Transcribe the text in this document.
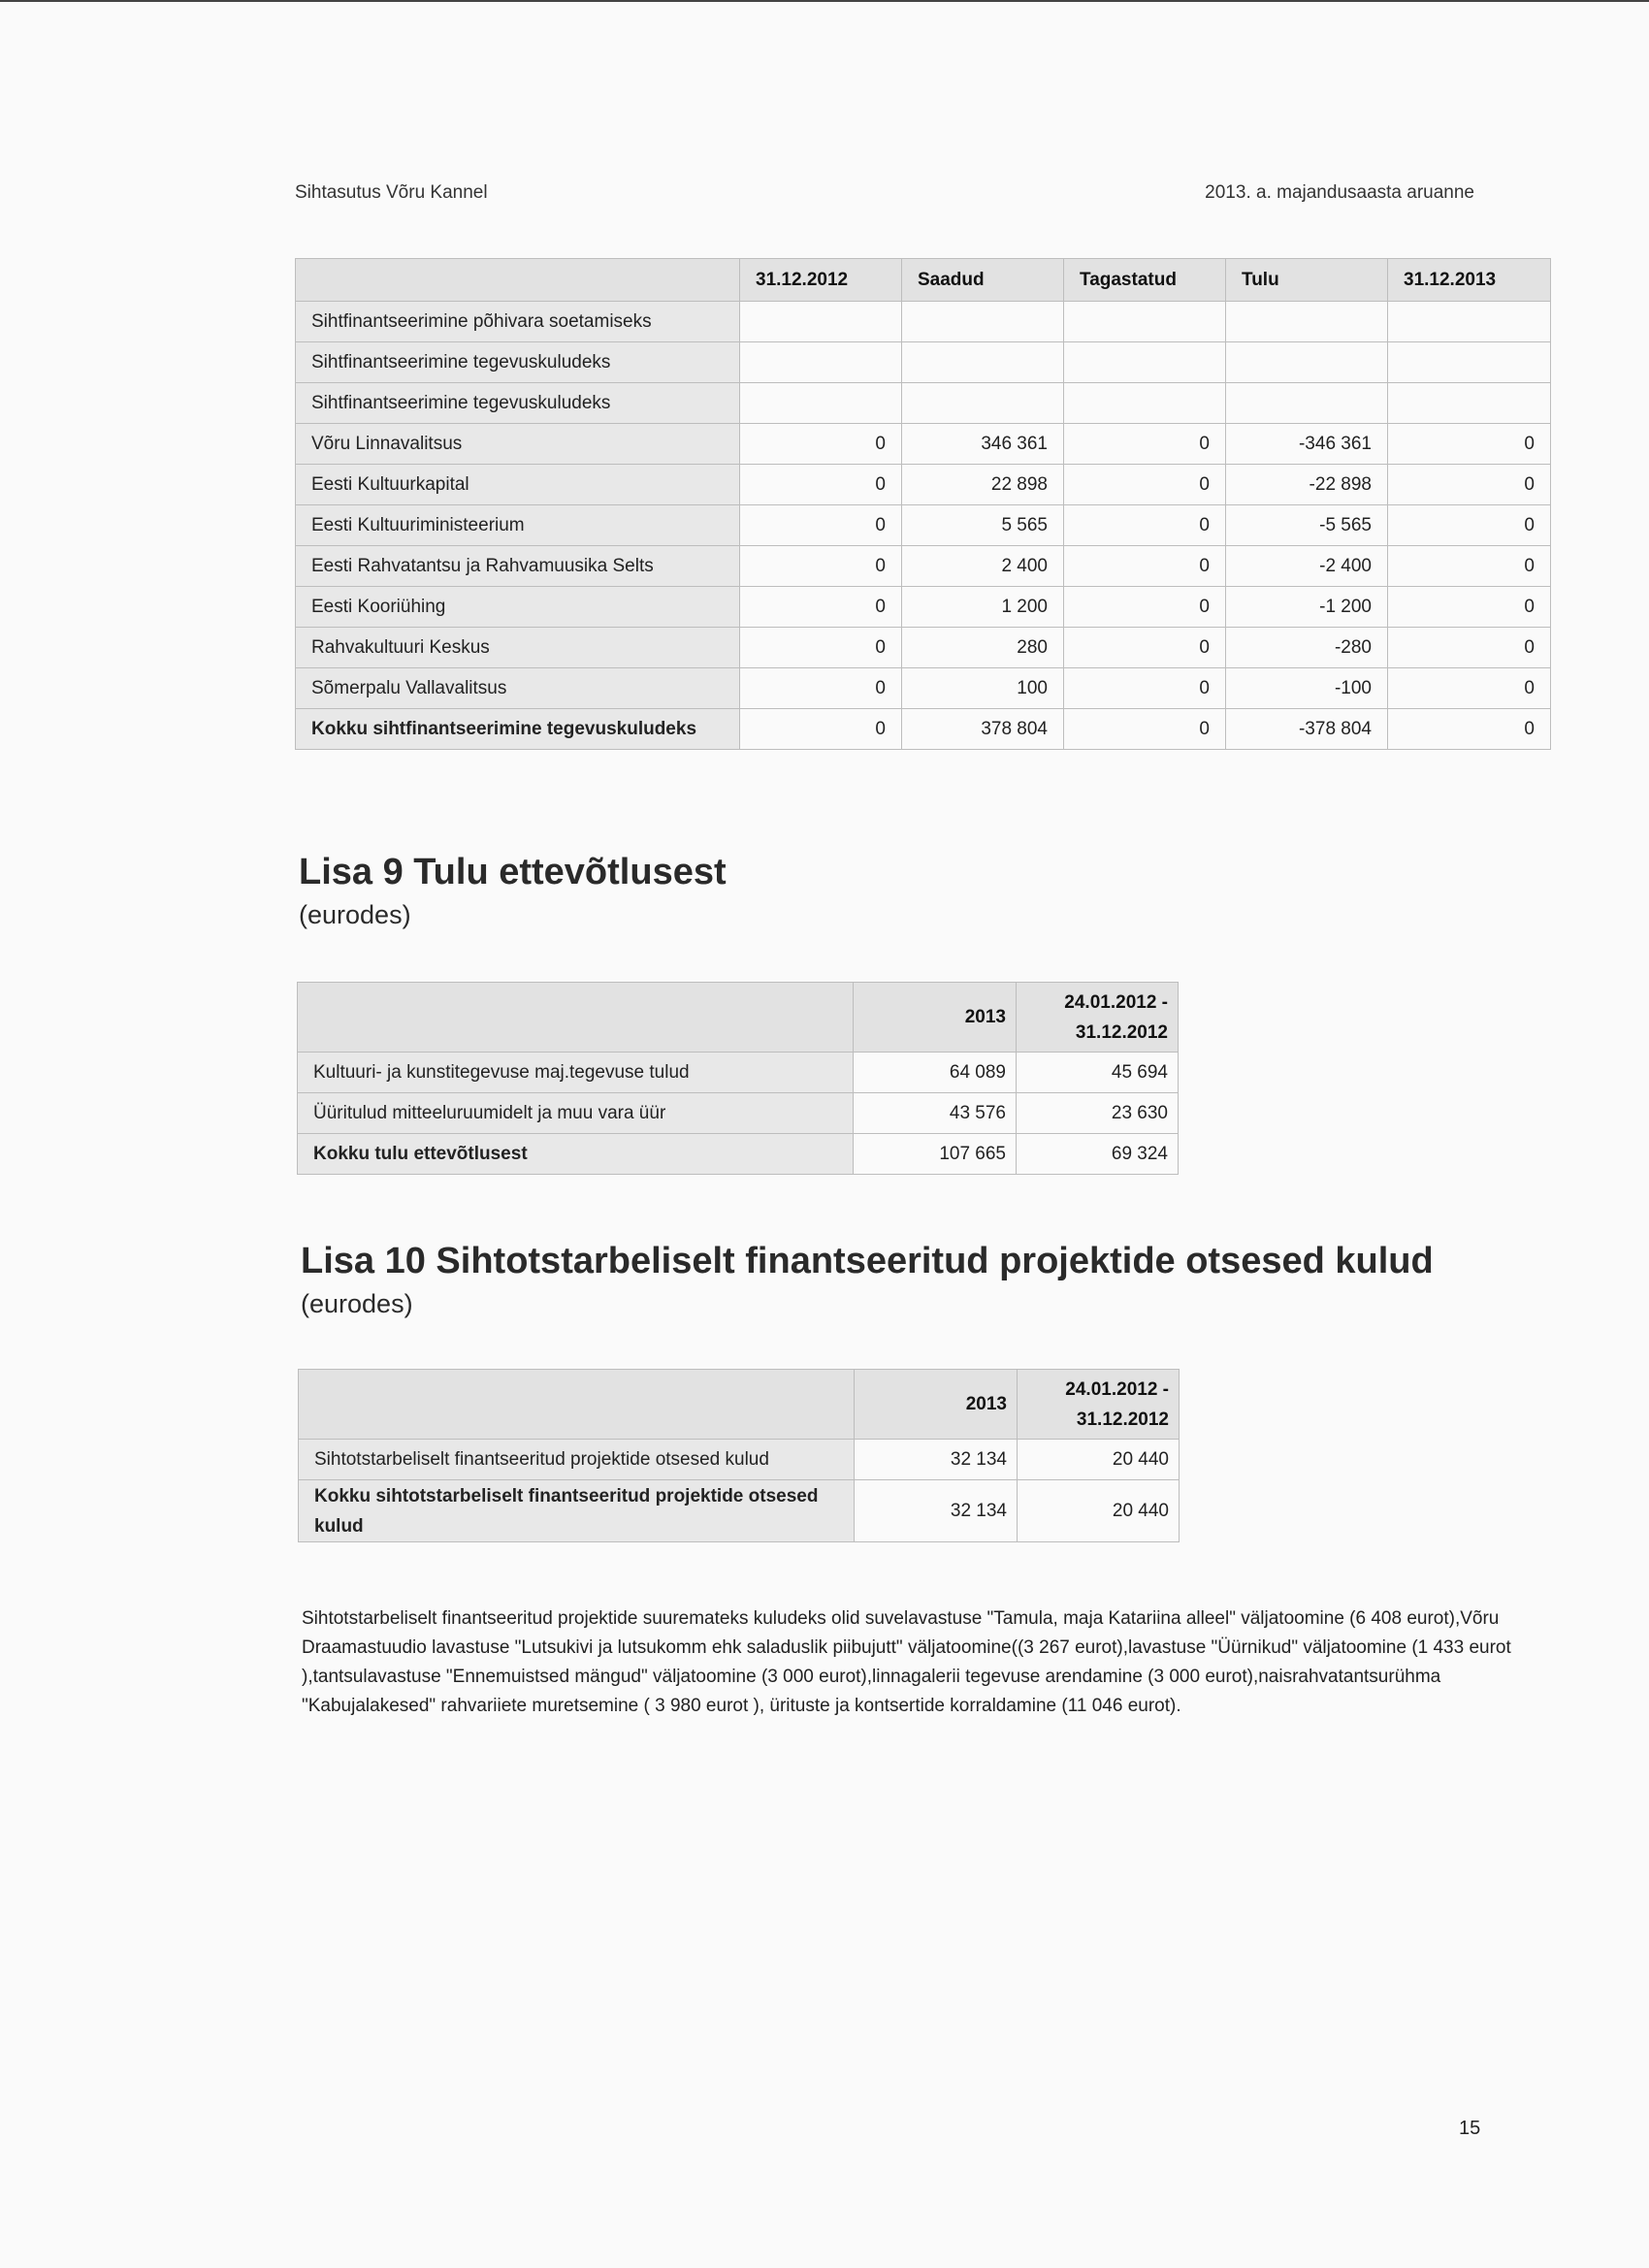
Sihtasutus Võru Kannel	2013. a. majandusaasta aruanne
	31.12.2012	Saadud	Tagastatud	Tulu	31.12.2013
Sihtfinantseerimine põhivara soetamiseks					
Sihtfinantseerimine tegevuskuludeks					
Sihtfinantseerimine tegevuskuludeks					
Võru Linnavalitsus	0	346 361	0	-346 361	0
Eesti Kultuurkapital	0	22 898	0	-22 898	0
Eesti Kultuuriministeerium	0	5 565	0	-5 565	0
Eesti Rahvatantsu ja Rahvamuusika Selts	0	2 400	0	-2 400	0
Eesti Kooriühing	0	1 200	0	-1 200	0
Rahvakultuuri Keskus	0	280	0	-280	0
Sõmerpalu Vallavalitsus	0	100	0	-100	0
Kokku sihtfinantseerimine tegevuskuludeks	0	378 804	0	-378 804	0
Lisa 9 Tulu ettevõtlusest
(eurodes)
	2013	24.01.2012 - 31.12.2012
Kultuuri- ja kunstitegevuse maj.tegevuse tulud	64 089	45 694
Üüritulud mitteeluruumidelt ja muu vara üür	43 576	23 630
Kokku tulu ettevõtlusest	107 665	69 324
Lisa 10 Sihtotstarbeliselt finantseeritud projektide otsesed kulud
(eurodes)
	2013	24.01.2012 - 31.12.2012
Sihtotstarbeliselt finantseeritud projektide otsesed kulud	32 134	20 440
Kokku sihtotstarbeliselt finantseeritud projektide otsesed kulud	32 134	20 440
Sihtotstarbeliselt finantseeritud projektide suuremateks kuludeks olid suvelavastuse "Tamula, maja Katariina alleel" väljatoomine (6 408 eurot),Võru Draamastuudio lavastuse "Lutsukivi ja lutsukomm ehk saladuslik piibujutt" väljatoomine((3 267 eurot),lavastuse "Üürnikud" väljatoomine (1 433 eurot ),tantsulavastuse "Ennemuistsed mängud" väljatoomine (3 000 eurot),linnagalerii tegevuse arendamine (3 000 eurot),naisrahvatantsurühma "Kabujalakesed" rahvariiete muretsemine ( 3 980 eurot ), ürituste ja kontsertide korraldamine (11 046 eurot).
15
